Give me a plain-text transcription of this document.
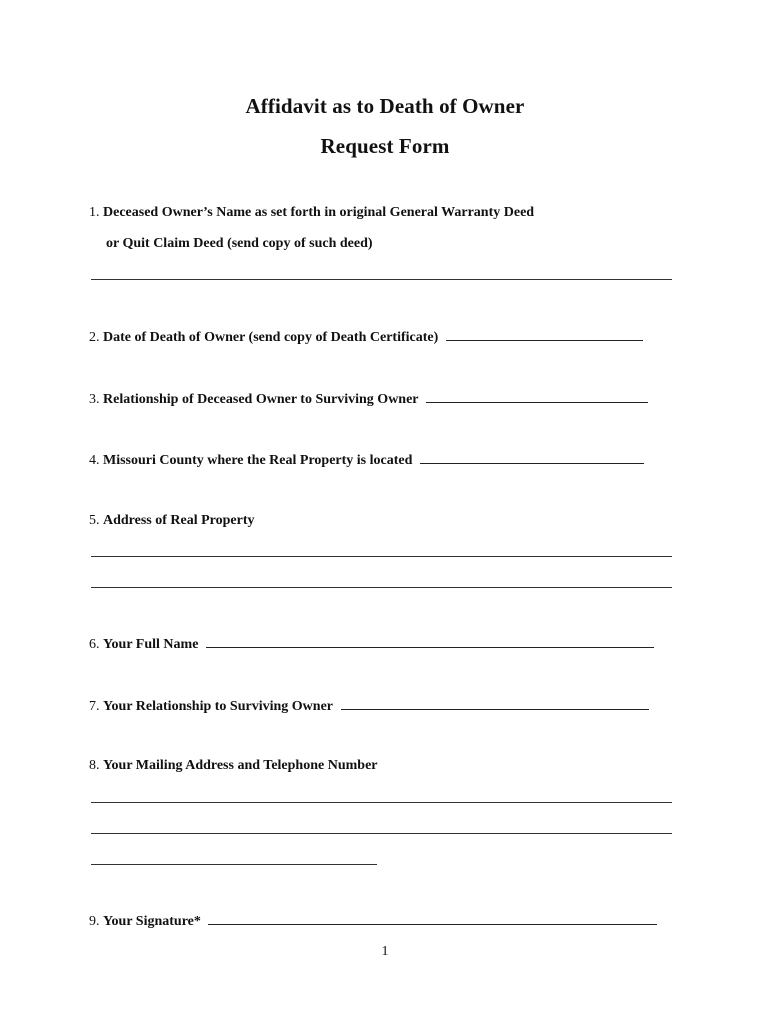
Affidavit as to Death of Owner
Request Form
1. Deceased Owner’s Name as set forth in original General Warranty Deed
or Quit Claim Deed (send copy of such deed)
2. Date of Death of Owner (send copy of Death Certificate)
3. Relationship of Deceased Owner to Surviving Owner
4. Missouri County where the Real Property is located
5. Address of Real Property
6. Your Full Name
7. Your Relationship to Surviving Owner
8. Your Mailing Address and Telephone Number
9. Your Signature*
1
